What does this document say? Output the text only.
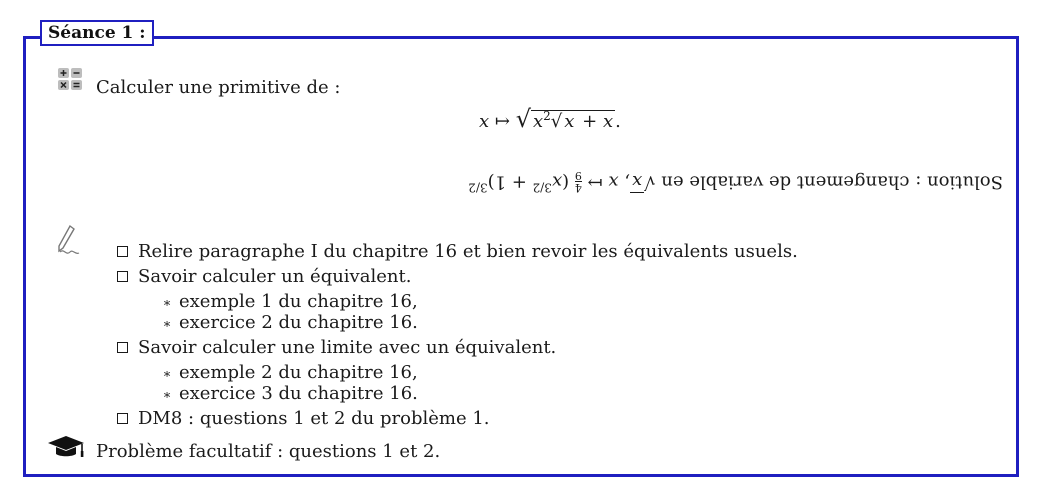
Séance 1 :
Calculer une primitive de :
x ↦ √ $x^2√$ x + x .
Solution : changement de variable en √x, x ↦
4
9
$(x^{3/2} + 1)^{3/2}$
Relire paragraphe I du chapitre 16 et bien revoir les équivalents usuels.
Savoir calculer un équivalent.
∗ exemple 1 du chapitre 16,
∗ exercice 2 du chapitre 16.
Savoir calculer une limite avec un équivalent.
∗ exemple 2 du chapitre 16,
∗ exercice 3 du chapitre 16.
DM8 : questions 1 et 2 du problème 1.
Problème facultatif : questions 1 et 2.
